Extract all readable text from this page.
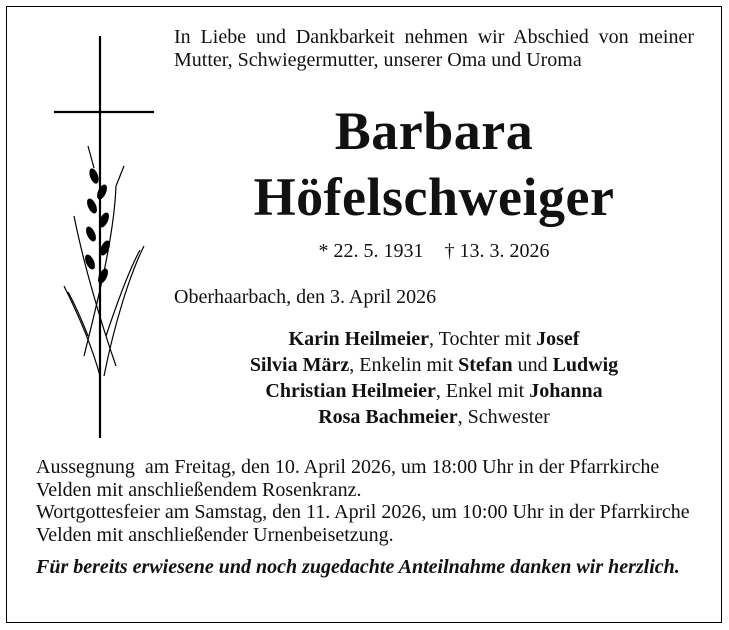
In Liebe und Dankbarkeit nehmen wir Abschied von meiner Mutter, Schwiegermutter, unserer Oma und Uroma
Barbara
Höfelschweiger
* 22. 5. 1931 † 13. 3. 2026
Oberhaarbach, den 3. April 2026
Karin Heilmeier, Tochter mit Josef
Silvia März, Enkelin mit Stefan und Ludwig
Christian Heilmeier, Enkel mit Johanna
Rosa Bachmeier, Schwester

Aussegnung  am Freitag, den 10. April 2026, um 18:00 Uhr in der Pfarrkirche Velden mit anschließendem Rosenkranz.

Wortgottesfeier am Samstag, den 11. April 2026, um 10:00 Uhr in der Pfarrkirche Velden mit anschließender Urnenbeisetzung.

Für bereits erwiesene und noch zugedachte Anteilnahme danken wir herzlich.
